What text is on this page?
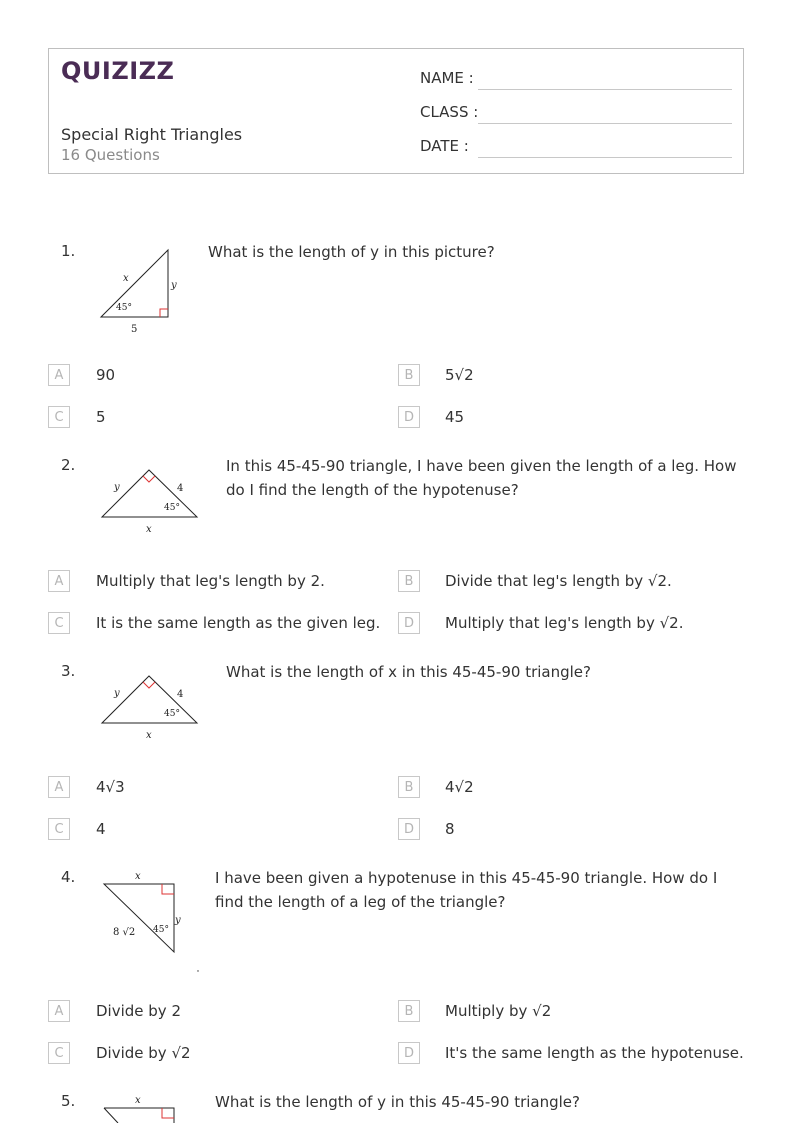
QUIZIZZ
Special Right Triangles
16 Questions
NAME :
CLASS :
DATE :
1.
x
y
45°
5
What is the length of y in this picture?
A	90	B	5√2
C	5	D	45
2.
y	4
45°
x
In this 45-45-90 triangle, I have been given the length of a leg. How do I find the length of the hypotenuse?
A	Multiply that leg's length by 2.	B	Divide that leg's length by √2.
C	It is the same length as the given leg.	D	Multiply that leg's length by √2.
3.
y	4
45°
x
What is the length of x in this 45-45-90 triangle?
A	4√3	B	4√2
C	4	D	8
4.	x
y
8 √2 45°
I have been given a hypotenuse in this 45-45-90 triangle. How do I find the length of a leg of the triangle?
A	Divide by 2	B	Multiply by √2
C	Divide by √2	D	It's the same length as the hypotenuse.
5.	x	What is the length of y in this 45-45-90 triangle?
